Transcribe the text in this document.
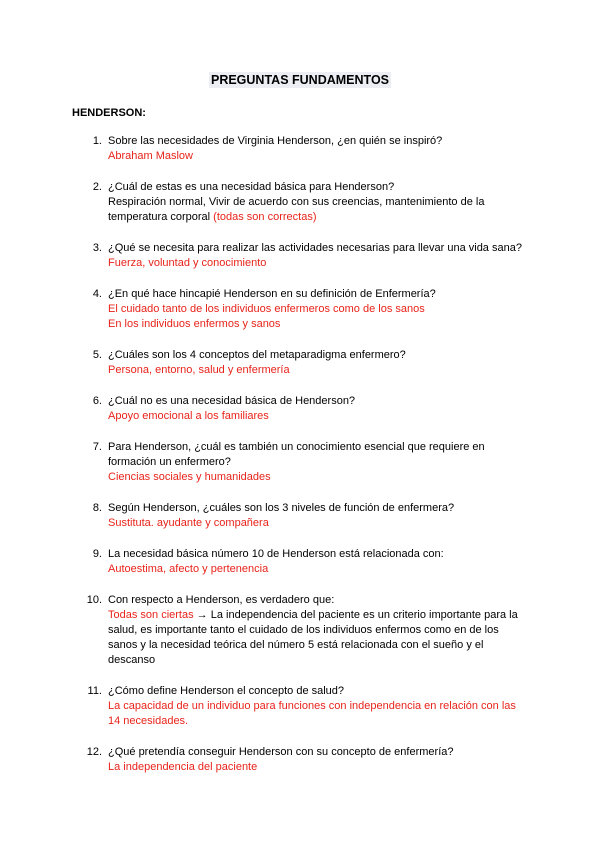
PREGUNTAS FUNDAMENTOS
HENDERSON:
1. Sobre las necesidades de Virginia Henderson, ¿en quién se inspiró?
Abraham Maslow
2. ¿Cuál de estas es una necesidad básica para Henderson?
Respiración normal, Vivir de acuerdo con sus creencias, mantenimiento de la temperatura corporal (todas son correctas)
3. ¿Qué se necesita para realizar las actividades necesarias para llevar una vida sana?
Fuerza, voluntad y conocimiento
4. ¿En qué hace hincapié Henderson en su definición de Enfermería?
El cuidado tanto de los individuos enfermeros como de los sanos
En los individuos enfermos y sanos
5. ¿Cuáles son los 4 conceptos del metaparadigma enfermero?
Persona, entorno, salud y enfermería
6. ¿Cuál no es una necesidad básica de Henderson?
Apoyo emocional a los familiares
7. Para Henderson, ¿cuál es también un conocimiento esencial que requiere en formación un enfermero?
Ciencias sociales y humanidades
8. Según Henderson, ¿cuáles son los 3 niveles de función de enfermera?
Sustituta. ayudante y compañera
9. La necesidad básica número 10 de Henderson está relacionada con:
Autoestima, afecto y pertenencia
10. Con respecto a Henderson, es verdadero que:
Todas son ciertas → La independencia del paciente es un criterio importante para la salud, es importante tanto el cuidado de los individuos enfermos como en de los sanos y la necesidad teórica del número 5 está relacionada con el sueño y el descanso
11. ¿Cómo define Henderson el concepto de salud?
La capacidad de un individuo para funciones con independencia en relación con las 14 necesidades.
12. ¿Qué pretendía conseguir Henderson con su concepto de enfermería?
La independencia del paciente
